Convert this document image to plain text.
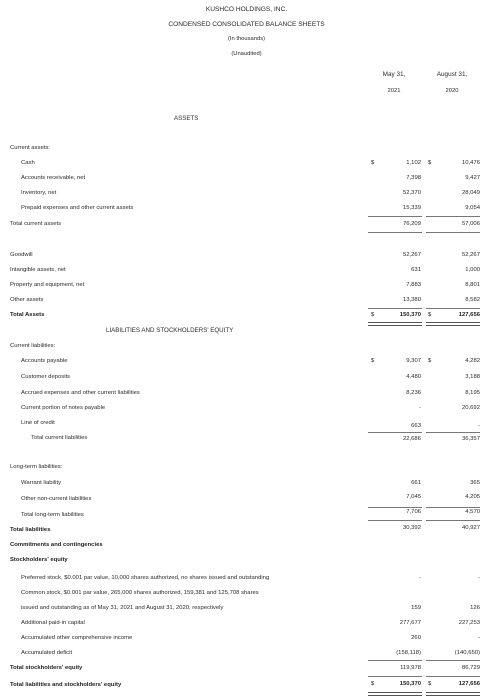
KUSHCO HOLDINGS, INC.
CONDENSED CONSOLIDATED BALANCE SHEETS
(In thousands)
(Unaudited)
May 31,
2021
August 31,
2020
ASSETS
Current assets:
Cash	$	1,102 $	10,476
Accounts receivable, net	7,398	9,427
Inventory, net	52,370	28,049
Prepaid expenses and other current assets	15,339	9,054
Total current assets	76,209	57,006
Goodwill	52,267	52,267
Intangible assets, net	631	1,000
Property and equipment, net	7,883	8,801
Other assets	13,380	8,582
Total Assets	$	150,370 $	127,656
LIABILITIES AND STOCKHOLDERS' EQUITY
Current liabilities:
Accounts payable	$	9,307 $	4,282
Customer deposits	4,480	3,188
Accrued expenses and other current liabilities	8,236	8,195
Current portion of notes payable	-	20,692
Line of credit	663	-
Total current liabilities	22,686	36,357
Long-term liabilities:
Warrant liability	661	365
Other non-current liabilities	7,045	4,205
Total long-term liabilities	7,706	4,570
Total liabilities	30,392	40,927
Commitments and contingencies
Stockholders' equity
Preferred stock, $0.001 par value, 10,000 shares authorized, no shares issued and outstanding	-	-
Common stock, $0.001 par value, 265,000 shares authorized, 159,381 and 125,708 shares
issued and outstanding as of May 31, 2021 and August 31, 2020, respectively	159	126
Additional paid-in capital	277,677	227,253
Accumulated other comprehensive income	260	-
Accumulated deficit	(158,118)	(140,650)
Total stockholders' equity	119,978	86,729
Total liabilities and stockholders' equity	$	150,370 $	127,656
